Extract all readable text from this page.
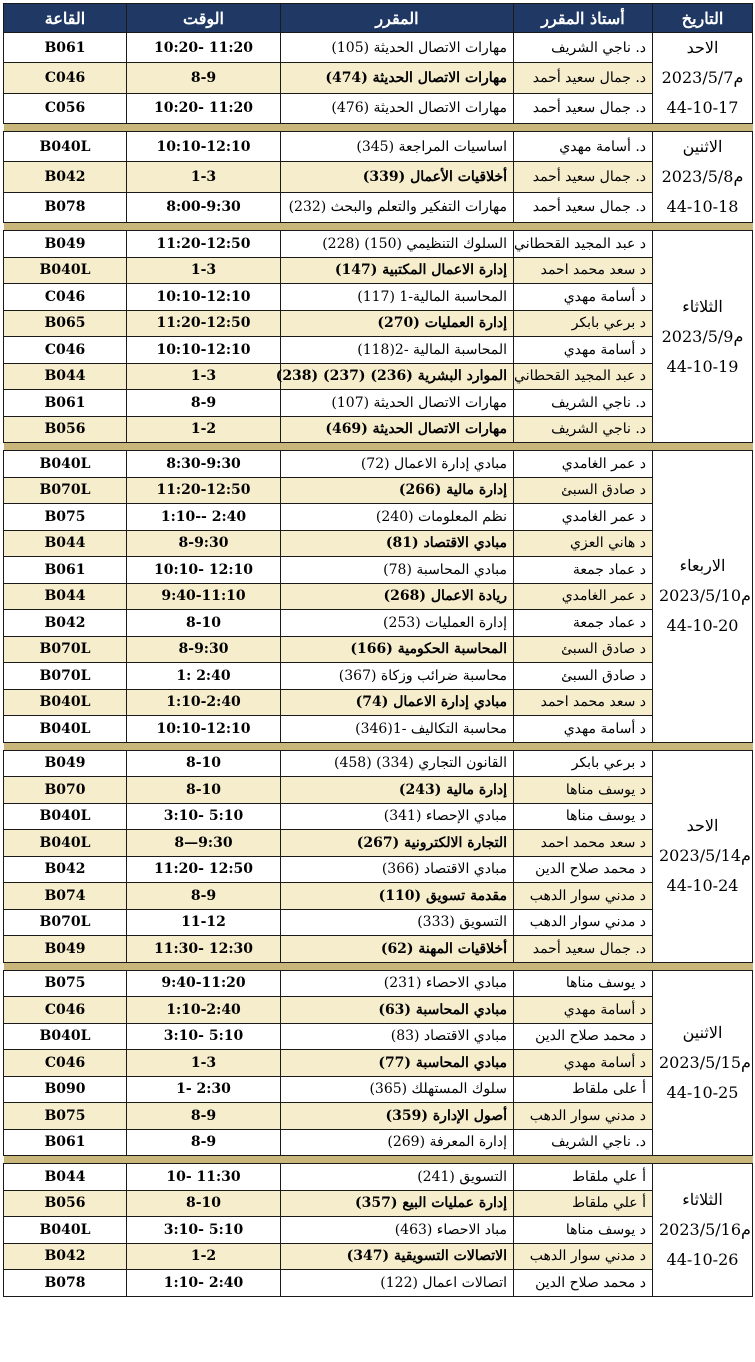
التاريخ	أستاذ المقرر	المقرر	الوقت	القاعة

الاحد
2023/5/7م
44-10-17	د. ناجي الشريف	مهارات الاتصال الحديثة (105)	10:20- 11:20	B061
	د. جمال سعيد أحمد	مهارات الاتصال الحديثة (474)	8-9	C046
	د. جمال سعيد أحمد	مهارات الاتصال الحديثة (476)	10:20- 11:20	C056

الاثنين
2023/5/8م
44-10-18	د. أسامة مهدي	اساسيات المراجعة (345)	10:10-12:10	B040L
	د. جمال سعيد أحمد	أخلاقيات الأعمال (339)	1-3	B042
	د. جمال سعيد أحمد	مهارات التفكير والتعلم والبحث (232)	8:00-9:30	B078

الثلاثاء
2023/5/9م
44-10-19	د عبد المجيد القحطاني	السلوك التنظيمي (150) (228)	11:20-12:50	B049
	د سعد محمد احمد	إدارة الاعمال المكتبية (147)	1-3	B040L
	د أسامة مهدي	المحاسبة المالية-1 (117)	10:10-12:10	C046
	د برعي بابكر	إدارة العمليات (270)	11:20-12:50	B065
	د أسامة مهدي	المحاسبة المالية -2(118)	10:10-12:10	C046
	د عبد المجيد القحطاني	الموارد البشرية (236) (237) (238)	1-3	B044
	د. ناجي الشريف	مهارات الاتصال الحديثة (107)	8-9	B061
	د. ناجي الشريف	مهارات الاتصال الحديثة (469)	1-2	B056

الاربعاء
2023/5/10م
44-10-20	د عمر الغامدي	مبادي إدارة الاعمال (72)	8:30-9:30	B040L
	د صادق السبئ	إدارة مالية (266)	11:20-12:50	B070L
	د عمر الغامدي	نظم المعلومات (240)	1:10-- 2:40	B075
	د هاني العزي	مبادي الاقتصاد (81)	8-9:30	B044
	د عماد جمعة	مبادي المحاسبة (78)	10:10- 12:10	B061
	د عمر الغامدي	ريادة الاعمال (268)	9:40-11:10	B044
	د عماد جمعة	إدارة العمليات (253)	8-10	B042
	د صادق السبئ	المحاسبة الحكومية (166)	8-9:30	B070L
	د صادق السبئ	محاسبة ضرائب وزكاة (367)	1: 2:40	B070L
	د سعد محمد احمد	مبادي إدارة الاعمال (74)	1:10-2:40	B040L
	د أسامة مهدي	محاسبة التكاليف -1(346)	10:10-12:10	B040L

الاحد
2023/5/14م
44-10-24	د برعي بابكر	القانون التجاري (334) (458)	8-10	B049
	د يوسف مناها	إدارة مالية (243)	8-10	B070
	د يوسف مناها	مبادي الإحصاء (341)	3:10- 5:10	B040L
	د سعد محمد احمد	التجارة الالكترونية (267)	8—9:30	B040L
	د محمد صلاح الدين	مبادي الاقتصاد (366)	11:20- 12:50	B042
	د مدني سوار الدهب	مقدمة تسويق (110)	8-9	B074
	د مدني سوار الدهب	التسويق (333)	11-12	B070L
	د. جمال سعيد أحمد	أخلاقيات المهنة (62)	11:30- 12:30	B049

الاثنين
2023/5/15م
44-10-25	د يوسف مناها	مبادي الاحصاء (231)	9:40-11:20	B075
	د أسامة مهدي	مبادي المحاسبة (63)	1:10-2:40	C046
	د محمد صلاح الدين	مبادي الاقتصاد (83)	3:10- 5:10	B040L
	د أسامة مهدي	مبادي المحاسبة (77)	1-3	C046
	أ على ملقاط	سلوك المستهلك (365)	1- 2:30	B090
	د مدني سوار الدهب	أصول الإدارة (359)	8-9	B075
	د. ناجي الشريف	إدارة المعرفة (269)	8-9	B061

الثلاثاء
2023/5/16م
44-10-26	أ علي ملقاط	التسويق (241)	10- 11:30	B044
	أ علي ملقاط	إدارة عمليات البيع (357)	8-10	B056
	د يوسف مناها	مباد الاحصاء (463)	3:10- 5:10	B040L
	د مدني سوار الدهب	الاتصالات التسويقية (347)	1-2	B042
	د محمد صلاح الدين	اتصالات اعمال (122)	1:10- 2:40	B078
